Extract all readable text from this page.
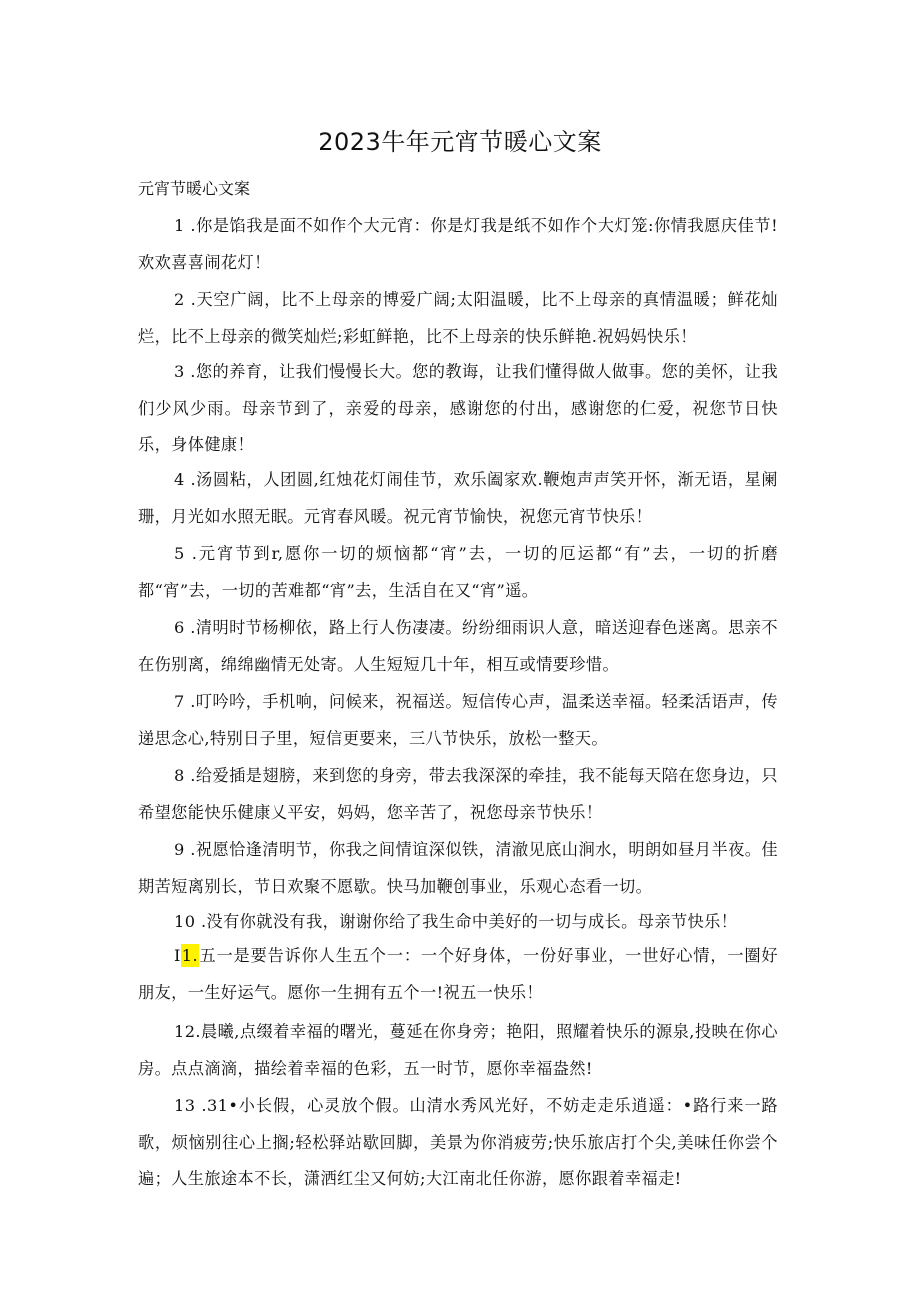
2023牛年元宵节暖心文案
元宵节暖心文案

1 .你是馅我是面不如作个大元宵：你是灯我是纸不如作个大灯笼:你情我愿庆佳节!欢欢喜喜闹花灯！

2 .天空广阔，比不上母亲的博爱广阔;太阳温暖，比不上母亲的真情温暖；鲜花灿烂，比不上母亲的微笑灿烂;彩虹鲜艳，比不上母亲的快乐鲜艳.祝妈妈快乐！

3 .您的养育，让我们慢慢长大。您的教诲，让我们懂得做人做事。您的美怀，让我们少风少雨。母亲节到了，亲爱的母亲，感谢您的付出，感谢您的仁爱，祝您节日快乐，身体健康！

4 .汤圆粘，人团圆,红烛花灯闹佳节，欢乐阖家欢.鞭炮声声笑开怀，渐无语，星阑珊，月光如水照无眠。元宵春风暖。祝元宵节愉快，祝您元宵节快乐！

5 .元宵节到r,愿你一切的烦恼都“宵”去，一切的厄运都“有”去，一切的折磨都“宵”去，一切的苦难都“宵”去，生活自在又“宵”遥。

6 .清明时节杨柳依，路上行人伤凄凄。纷纷细雨识人意，暗送迎春色迷离。思亲不在伤别离，绵绵幽情无处寄。人生短短几十年，相互或情要珍惜。

7 .叮吟吟，手机响，问候来，祝福送。短信传心声，温柔送幸福。轻柔活语声，传递思念心,特别日子里，短信更要来，三八节快乐，放松一整天。

8 .给爱插是翅膀，来到您的身旁，带去我深深的牵挂，我不能每天陪在您身边，只希望您能快乐健康乂平安，妈妈，您辛苦了，祝您母亲节快乐！

9 .祝愿恰逢清明节，你我之间情谊深似铁，清澈见底山涧水，明朗如昼月半夜。佳期苦短离别长，节日欢聚不愿歇。快马加鞭创事业，乐观心态看一切。

10 .没有你就没有我，谢谢你给了我生命中美好的一切与成长。母亲节快乐！

I1.五一是要告诉你人生五个一：一个好身体，一份好事业，一世好心情，一圈好朋友，一生好运气。愿你一生拥有五个一!祝五一快乐！

12.晨曦,点缀着幸福的曙光，蔓延在你身旁；艳阳，照耀着快乐的源泉,投映在你心房。点点滴滴，描绘着幸福的色彩，五一时节，愿你幸福盎然!

13 .31•小长假，心灵放个假。山清水秀风光好，不妨走走乐逍遥：•路行来一路歌，烦恼别往心上搁;轻松驿站歇回脚，美景为你消疲劳;快乐旅店打个尖,美味任你尝个遍；人生旅途本不长，潇洒红尘又何妨;大江南北任你游，愿你跟着幸福走!
